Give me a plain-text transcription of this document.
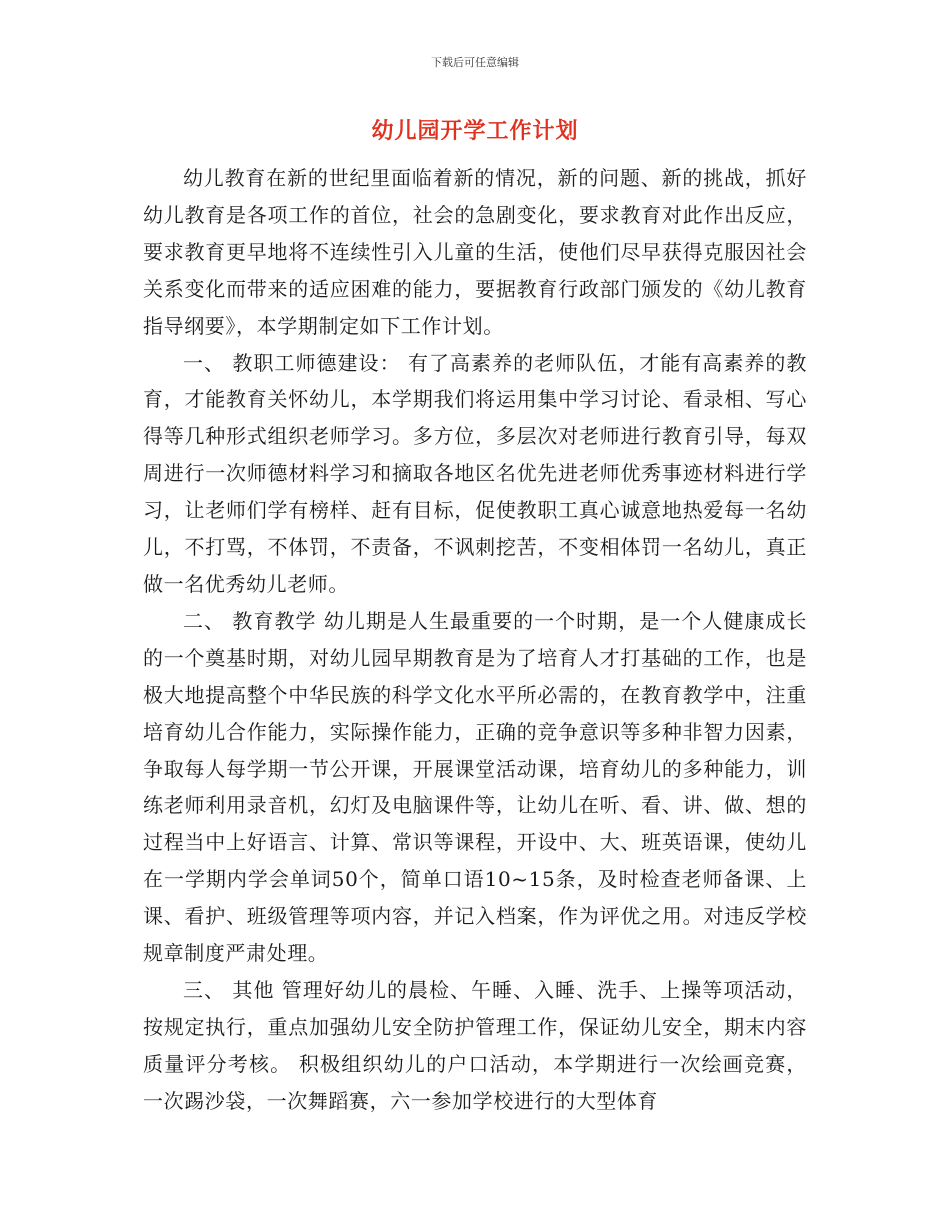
下载后可任意编辑
幼儿园开学工作计划

幼儿教育在新的世纪里面临着新的情况，新的问题、新的挑战，抓好幼儿教育是各项工作的首位，社会的急剧变化，要求教育对此作出反应，要求教育更早地将不连续性引入儿童的生活，使他们尽早获得克服因社会关系变化而带来的适应困难的能力，要据教育行政部门颁发的《幼儿教育指导纲要》，本学期制定如下工作计划。

一、 教职工师德建设： 有了高素养的老师队伍，才能有高素养的教育，才能教育关怀幼儿，本学期我们将运用集中学习讨论、看录相、写心得等几种形式组织老师学习。多方位，多层次对老师进行教育引导，每双周进行一次师德材料学习和摘取各地区名优先进老师优秀事迹材料进行学习，让老师们学有榜样、赶有目标，促使教职工真心诚意地热爱每一名幼儿，不打骂，不体罚，不责备，不讽刺挖苦，不变相体罚一名幼儿，真正做一名优秀幼儿老师。

二、 教育教学 幼儿期是人生最重要的一个时期，是一个人健康成长的一个奠基时期，对幼儿园早期教育是为了培育人才打基础的工作，也是极大地提高整个中华民族的科学文化水平所必需的，在教育教学中，注重培育幼儿合作能力，实际操作能力，正确的竞争意识等多种非智力因素，争取每人每学期一节公开课，开展课堂活动课，培育幼儿的多种能力，训练老师利用录音机，幻灯及电脑课件等，让幼儿在听、看、讲、做、想的过程当中上好语言、计算、常识等课程，开设中、大、班英语课，使幼儿在一学期内学会单词50个，简单口语10~15条，及时检查老师备课、上课、看护、班级管理等项内容，并记入档案，作为评优之用。对违反学校规章制度严肃处理。

三、 其他 管理好幼儿的晨检、午睡、入睡、洗手、上操等项活动，按规定执行，重点加强幼儿安全防护管理工作，保证幼儿安全，期末内容质量评分考核。 积极组织幼儿的户口活动，本学期进行一次绘画竞赛，一次踢沙袋，一次舞蹈赛，六一参加学校进行的大型体育
